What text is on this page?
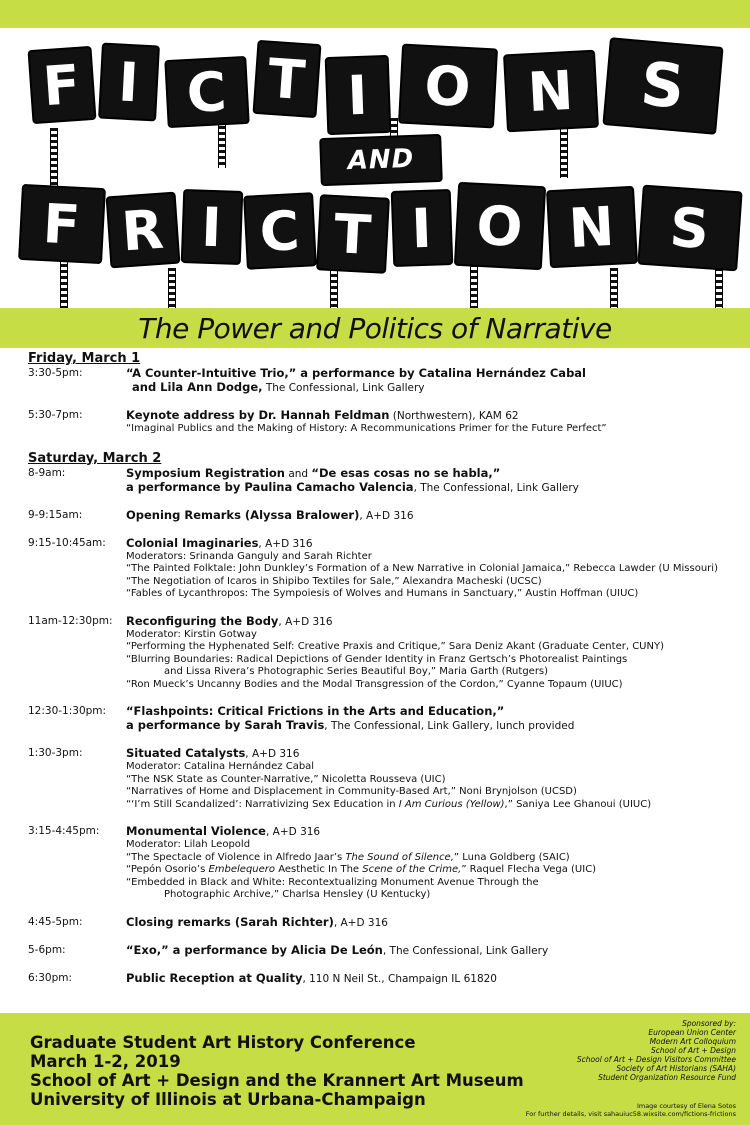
F I C T I O N	S
AND
F R I C T I O N S
The Power and Politics of Narrative
Friday, March 1
3:30-5pm:	“A Counter-Intuitive Trio,” a performance by Catalina Hernández Cabal
and Lila Ann Dodge, The Confessional, Link Gallery
5:30-7pm:	Keynote address by Dr. Hannah Feldman (Northwestern), KAM 62
“Imaginal Publics and the Making of History: A Recommunications Primer for the Future Perfect”
Saturday, March 2
8-9am:	Symposium Registration and “De esas cosas no se habla,”
a performance by Paulina Camacho Valencia, The Confessional, Link Gallery
9-9:15am:	Opening Remarks (Alyssa Bralower), A+D 316
9:15-10:45am:	Colonial Imaginaries, A+D 316
Moderators: Srinanda Ganguly and Sarah Richter
“The Painted Folktale: John Dunkley’s Formation of a New Narrative in Colonial Jamaica,” Rebecca Lawder (U Missouri)
“The Negotiation of Icaros in Shipibo Textiles for Sale,” Alexandra Macheski (UCSC)
“Fables of Lycanthropos: The Sympoiesis of Wolves and Humans in Sanctuary,” Austin Hoffman (UIUC)
11am-12:30pm:	Reconfiguring the Body, A+D 316
Moderator: Kirstin Gotway
“Performing the Hyphenated Self: Creative Praxis and Critique,” Sara Deniz Akant (Graduate Center, CUNY)
“Blurring Boundaries: Radical Depictions of Gender Identity in Franz Gertsch’s Photorealist Paintings
and Lissa Rivera’s Photographic Series Beautiful Boy,” Maria Garth (Rutgers)
“Ron Mueck’s Uncanny Bodies and the Modal Transgression of the Cordon,” Cyanne Topaum (UIUC)
12:30-1:30pm:	“Flashpoints: Critical Frictions in the Arts and Education,”
a performance by Sarah Travis, The Confessional, Link Gallery, lunch provided
1:30-3pm:	Situated Catalysts, A+D 316
Moderator: Catalina Hernández Cabal
“The NSK State as Counter-Narrative,” Nicoletta Rousseva (UIC)
“Narratives of Home and Displacement in Community-Based Art,” Noni Brynjolson (UCSD)
“‘I’m Still Scandalized’: Narrativizing Sex Education in I Am Curious (Yellow),” Saniya Lee Ghanoui (UIUC)
3:15-4:45pm:	Monumental Violence, A+D 316
Moderator: Lilah Leopold
“The Spectacle of Violence in Alfredo Jaar’s The Sound of Silence,” Luna Goldberg (SAIC)
“Pepón Osorio’s Embelequero Aesthetic In The Scene of the Crime,” Raquel Flecha Vega (UIC)
“Embedded in Black and White: Recontextualizing Monument Avenue Through the
Photographic Archive,” Charlsa Hensley (U Kentucky)
4:45-5pm:	Closing remarks (Sarah Richter), A+D 316
5-6pm:	“Exo,” a performance by Alicia De León, The Confessional, Link Gallery
6:30pm:	Public Reception at Quality, 110 N Neil St., Champaign IL 61820
Graduate Student Art History Conference
March 1-2, 2019
School of Art + Design and the Krannert Art Museum
University of Illinois at Urbana-Champaign
Sponsored by:
European Union Center
Modern Art Colloquium
School of Art + Design
School of Art + Design Visitors Committee
Society of Art Historians (SAHA)
Student Organization Resource Fund
Image courtesy of Elena Sotos
For further details, visit sahauiuc58.wixsite.com/fictions-frictions
